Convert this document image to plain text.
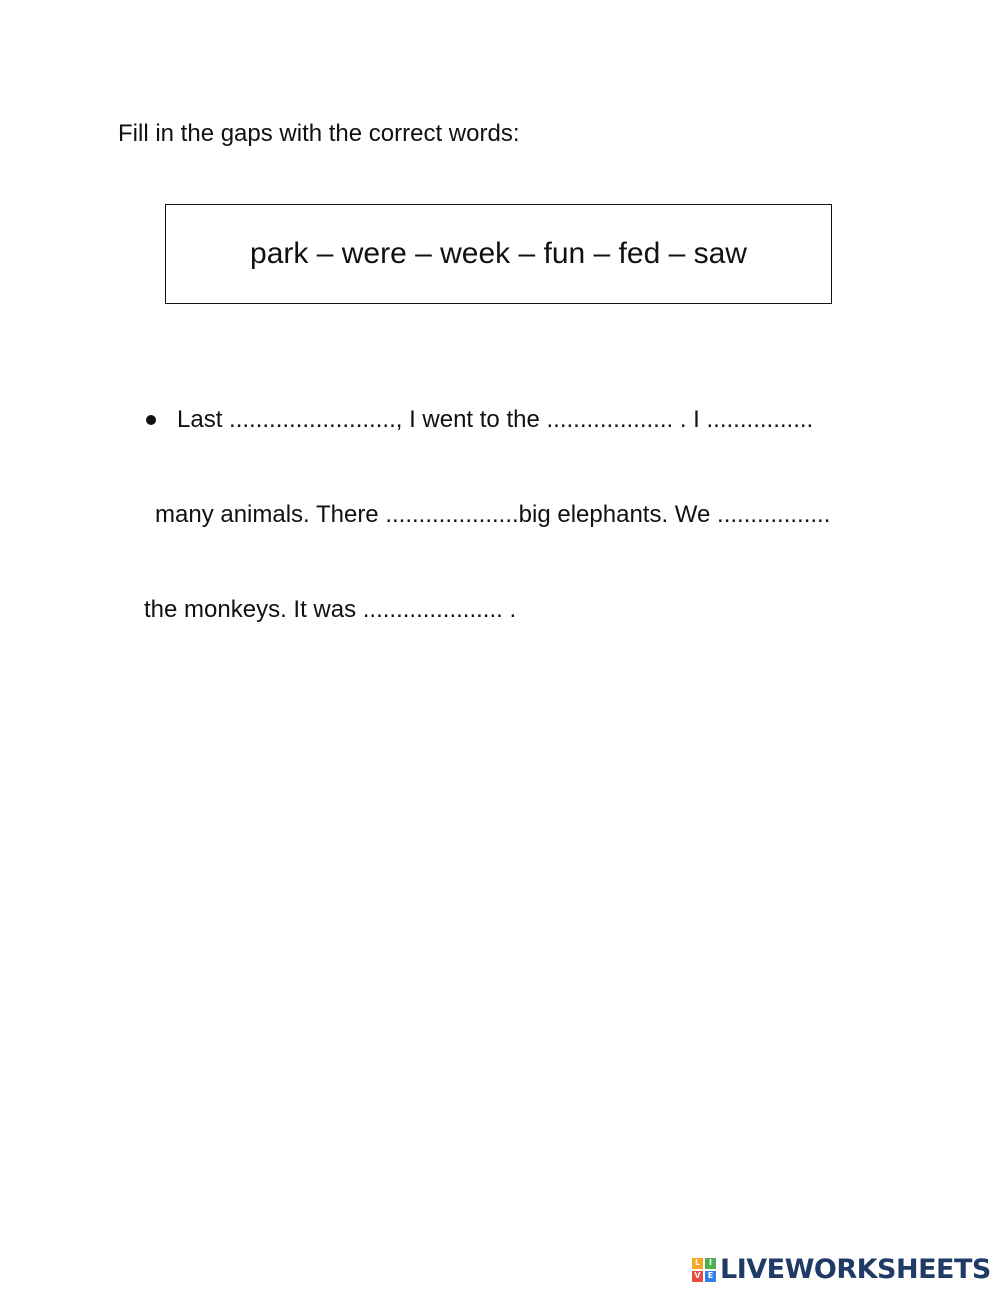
Fill in the gaps with the correct words:
park – were – week – fun – fed – saw
Last ........................., I went to the ................... . I ................
many animals. There ....................big elephants. We .................
the monkeys. It was ..................... .
L	I
V E LIVEWORKSHEETS
